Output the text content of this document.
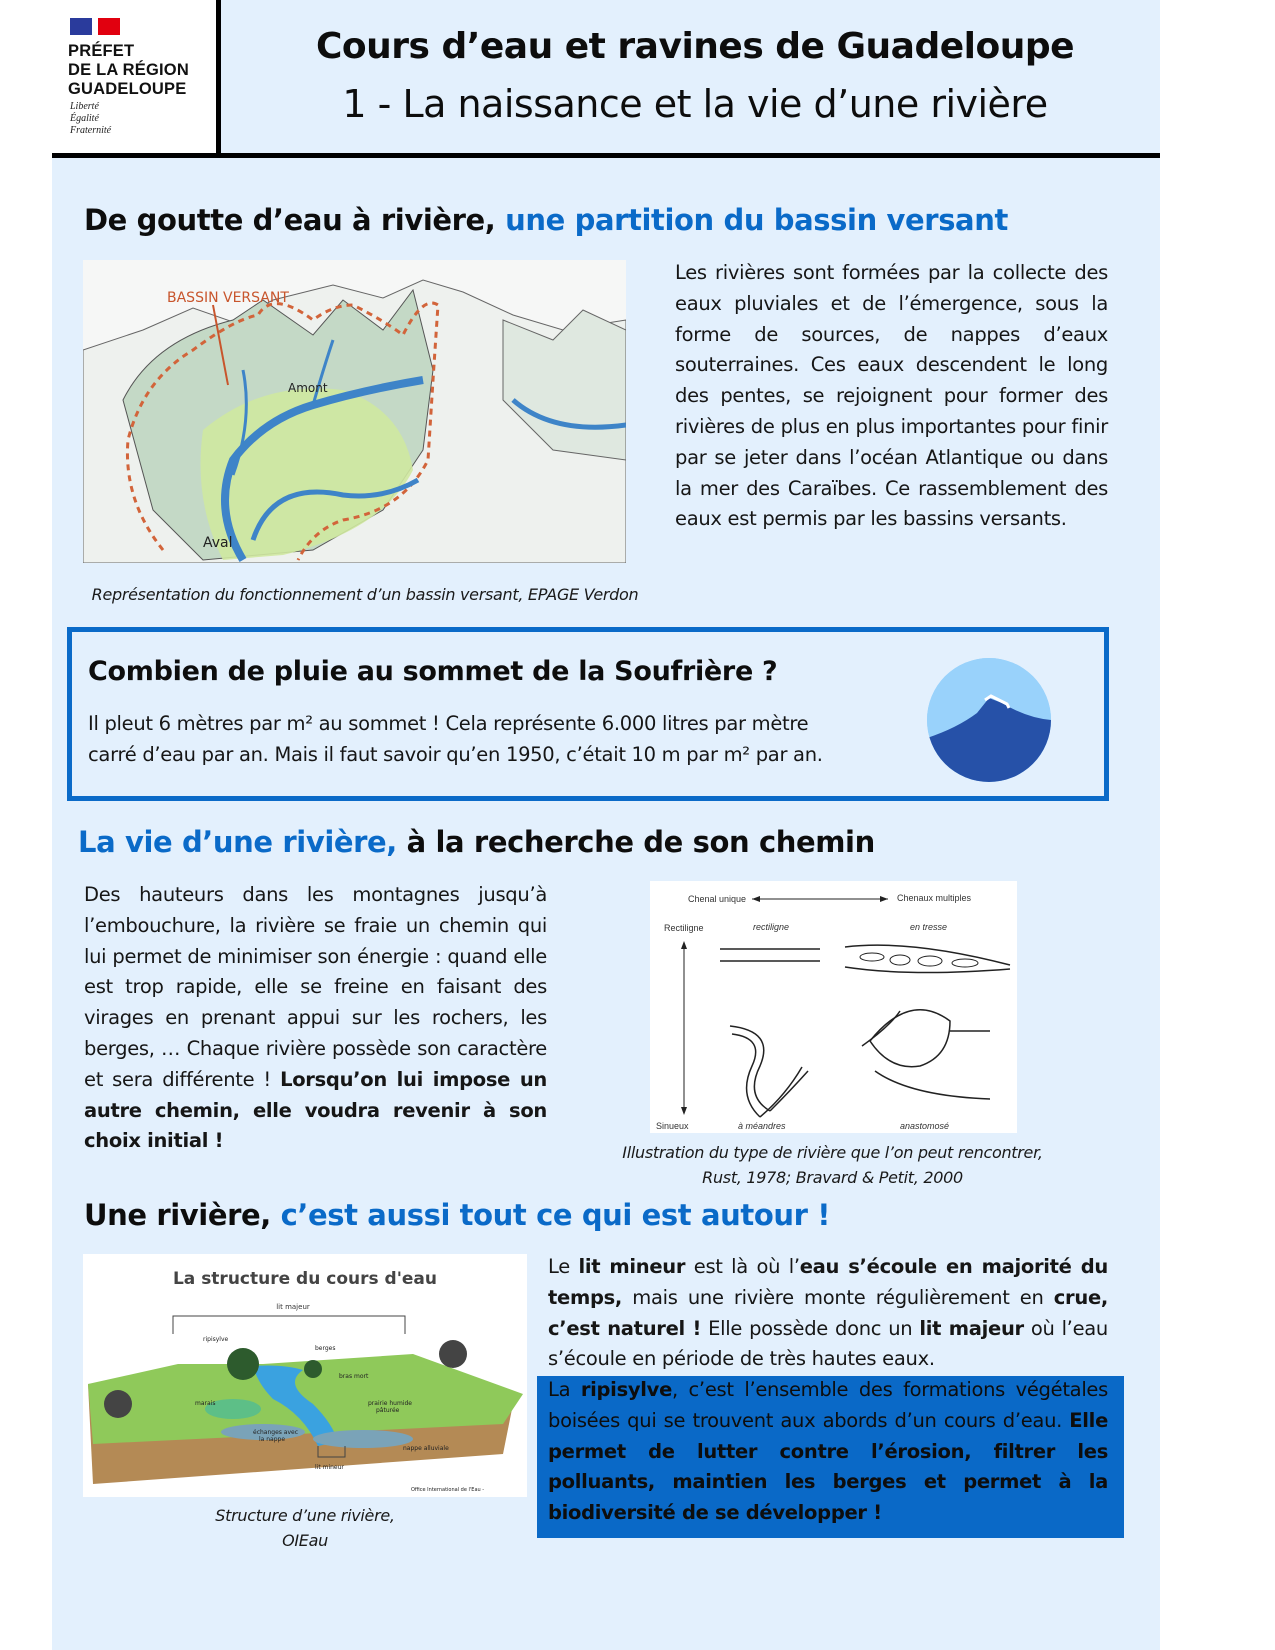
PRÉFET
DE LA RÉGION
GUADELOUPE
Liberté
Égalité
Fraternité
Cours d’eau et ravines de Guadeloupe
1 - La naissance et la vie d’une rivière
De goutte d’eau à rivière, une partition du bassin versant
BASSIN VERSANT
Amont
Aval
Représentation du fonctionnement d’un bassin versant, EPAGE Verdon
Les rivières sont formées par la collecte des eaux pluviales et de l’émergence, sous la forme de sources, de nappes d’eaux souterraines. Ces eaux descendent le long des pentes, se rejoignent pour former des rivières de plus en plus importantes pour finir par se jeter dans l’océan Atlantique ou dans la mer des Caraïbes. Ce rassemblement des eaux est permis par les bassins versants.
Combien de pluie au sommet de la Soufrière ?
Il pleut 6 mètres par m² au sommet ! Cela représente 6.000 litres par mètre
carré d’eau par an. Mais il faut savoir qu’en 1950, c’était 10 m par m² par an.
La vie d’une rivière, à la recherche de son chemin
Des hauteurs dans les montagnes jusqu’à l’embouchure, la rivière se fraie un chemin qui lui permet de minimiser son énergie : quand elle est trop rapide, elle se freine en faisant des virages en prenant appui sur les rochers, les berges, … Chaque rivière possède son caractère et sera différente ! Lorsqu’on lui impose un autre chemin, elle voudra revenir à son choix initial !
Chenal unique	Chenaux multiples
Rectiligne	rectiligne	en tresse
Sinueux	à méandres	anastomosé
Illustration du type de rivière que l’on peut rencontrer,
Rust, 1978; Bravard & Petit, 2000
Une rivière, c’est aussi tout ce qui est autour !
La structure du cours d'eau
lit majeur
ripisylve
berges
bras mort
marais	prairie humide
pâturée
échanges avec
la nappe
nappe alluviale
lit mineur
Office International de l'Eau -
Structure d’une rivière,
OIEau
Le lit mineur est là où l’eau s’écoule en majorité du temps, mais une rivière monte régulièrement en crue, c’est naturel ! Elle possède donc un lit majeur où l’eau s’écoule en période de très hautes eaux.
La ripisylve, c’est l’ensemble des formations végétales boisées qui se trouvent aux abords d’un cours d’eau. Elle permet de lutter contre l’érosion, filtrer les polluants, maintien les berges et permet à la biodiversité de se développer !
